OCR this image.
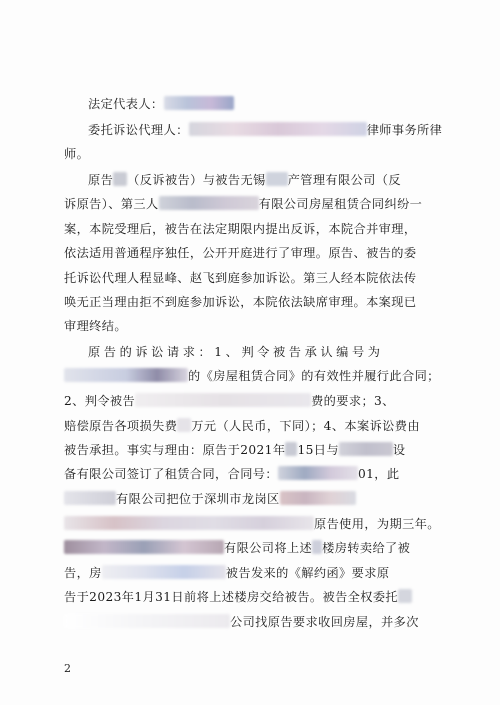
法定代表人：
委托诉讼代理人：	律师事务所律
师。
原告 （反诉被告）与被告无锡 产管理有限公司（反
诉原告）、第三人	有限公司房屋租赁合同纠纷一
案，本院受理后，被告在法定期限内提出反诉，本院合并审理，
依法适用普通程序独任，公开开庭进行了审理。原告、被告的委
托诉讼代理人程显峰、赵飞到庭参加诉讼。第三人经本院依法传
唤无正当理由拒不到庭参加诉讼，本院依法缺席审理。本案现已
审理终结。
原告的诉讼请求：1、判令被告承认编号为
的《房屋租赁合同》的有效性并履行此合同；
2、判令被告	费的要求；3、
赔偿原告各项损失费 万元（人民币，下同）；4、本案诉讼费由
被告承担。事实与理由：原告于2021年 15日与	设
备有限公司签订了租赁合同，合同号：	01，此
有限公司把位于深圳市龙岗区
原告使用，为期三年。
有限公司将上述 楼房转卖给了被
告，房	被告发来的《解约函》要求原
告于2023年1月31日前将上述楼房交给被告。被告全权委托
公司找原告要求收回房屋，并多次
2
